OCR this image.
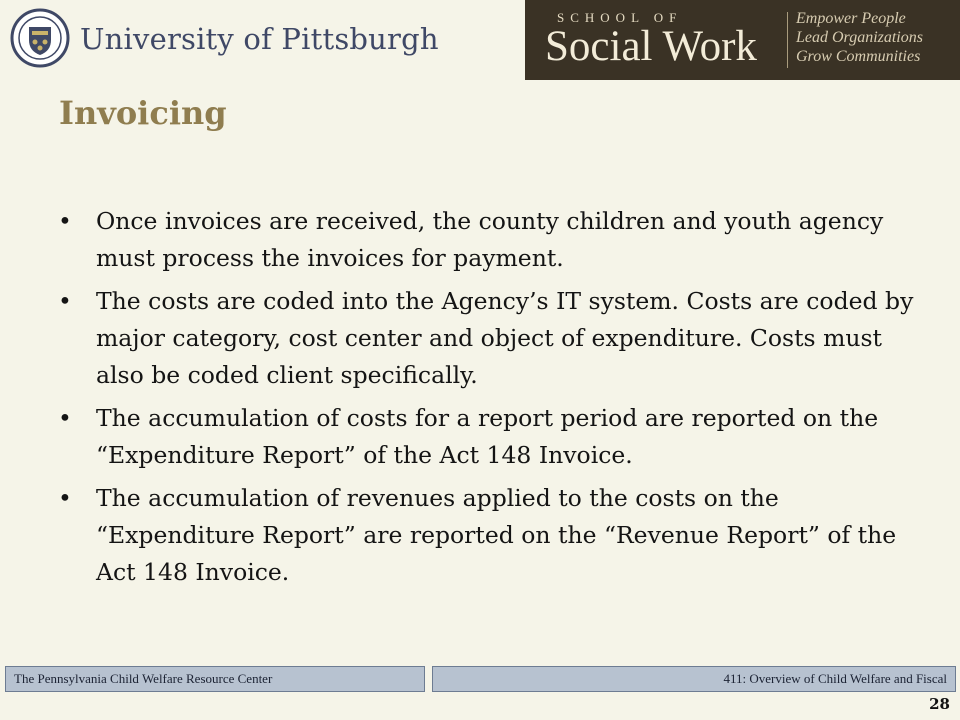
University of Pittsburgh
SCHOOL OF
Social Work
Empower People
Lead Organizations
Grow Communities
Invoicing
• Once invoices are received, the county children and youth agency must process the invoices for payment.
• The costs are coded into the Agency’s IT system. Costs are coded by major category, cost center and object of expenditure. Costs must also be coded client specifically.
• The accumulation of costs for a report period are reported on the “Expenditure Report” of the Act 148 Invoice.
• The accumulation of revenues applied to the costs on the “Expenditure Report” are reported on the “Revenue Report” of the Act 148 Invoice.
The Pennsylvania Child Welfare Resource Center	411: Overview of Child Welfare and Fiscal
28
